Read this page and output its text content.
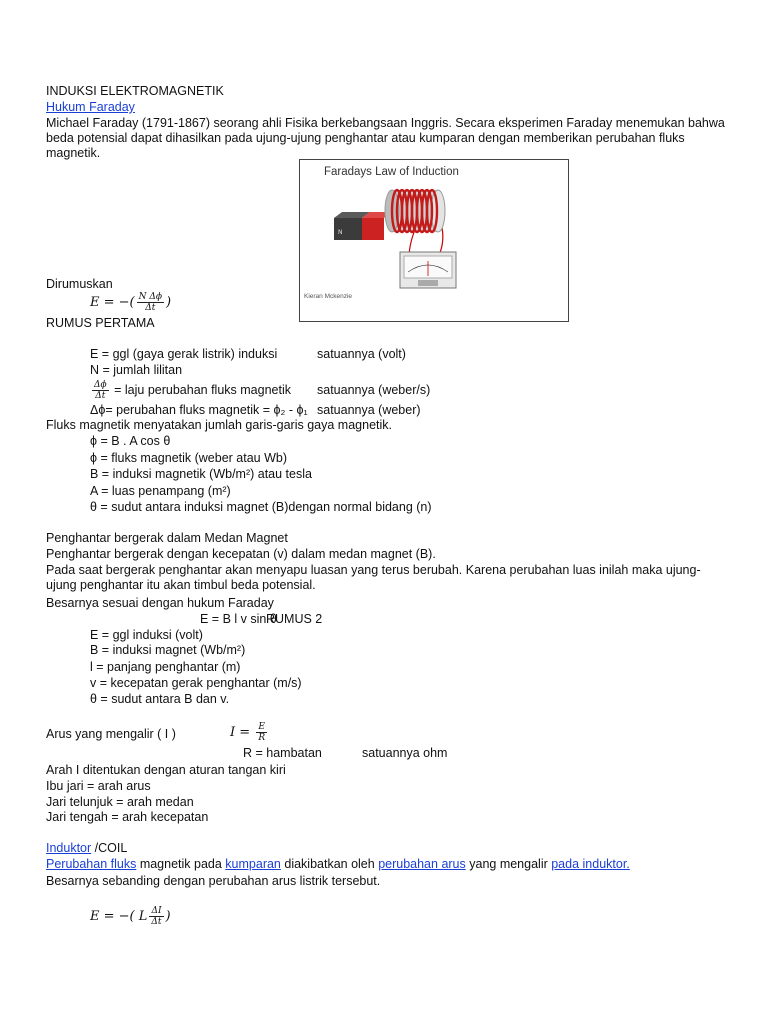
INDUKSI ELEKTROMAGNETIK
Hukum Faraday
Michael Faraday (1791-1867) seorang ahli Fisika berkebangsaan Inggris. Secara eksperimen Faraday menemukan bahwa beda potensial dapat dihasilkan pada ujung-ujung penghantar atau kumparan dengan memberikan perubahan fluks magnetik.
Faradays Law of Induction
N
Kieran Mckenzie
Dirumuskan
E = −( $\frac{\text{N Δϕ}}{\Delta t}$ )
RUMUS PERTAMA
E = ggl (gaya gerak listrik) induksi	satuannya (volt)
N = jumlah lilitan
$\frac{\Delta\phi}{\Delta t}$ = laju perubahan fluks magnetik satuannya (weber/s)
Δϕ= perubahan fluks magnetik = ϕ₂ - ϕ₁ satuannya (weber)
Fluks magnetik menyatakan jumlah garis-garis gaya magnetik.
ϕ = B . A cos θ
ϕ = fluks magnetik (weber atau Wb)
B = induksi magnetik (Wb/m²) atau tesla
A = luas penampang (m²)
θ = sudut antara induksi magnet (B)dengan normal bidang (n)
Penghantar bergerak dalam Medan Magnet
Penghantar bergerak dengan kecepatan (v) dalam medan magnet (B).
Pada saat bergerak penghantar akan menyapu luasan yang terus berubah. Karena perubahan luas inilah maka ujung-ujung penghantar itu akan timbul beda potensial.
Besarnya sesuai dengan hukum Faraday
E = B l v sin θ
RUMUS 2
E = ggl induksi (volt)
B = induksi magnet (Wb/m²)
l = panjang penghantar (m)
v = kecepatan gerak penghantar (m/s)
θ = sudut antara B dan v.
Arus yang mengalir ( I )	$I = \frac{E}{R}$
R = hambatan	satuannya ohm
Arah I ditentukan dengan aturan tangan kiri
Ibu jari = arah arus
Jari telunjuk = arah medan
Jari tengah = arah kecepatan
Induktor /COIL
Perubahan fluks magnetik pada kumparan diakibatkan oleh perubahan arus yang mengalir pada induktor.
Besarnya sebanding dengan perubahan arus listrik tersebut.
E = −( L $\frac{\Delta I}{\Delta t}$ )
